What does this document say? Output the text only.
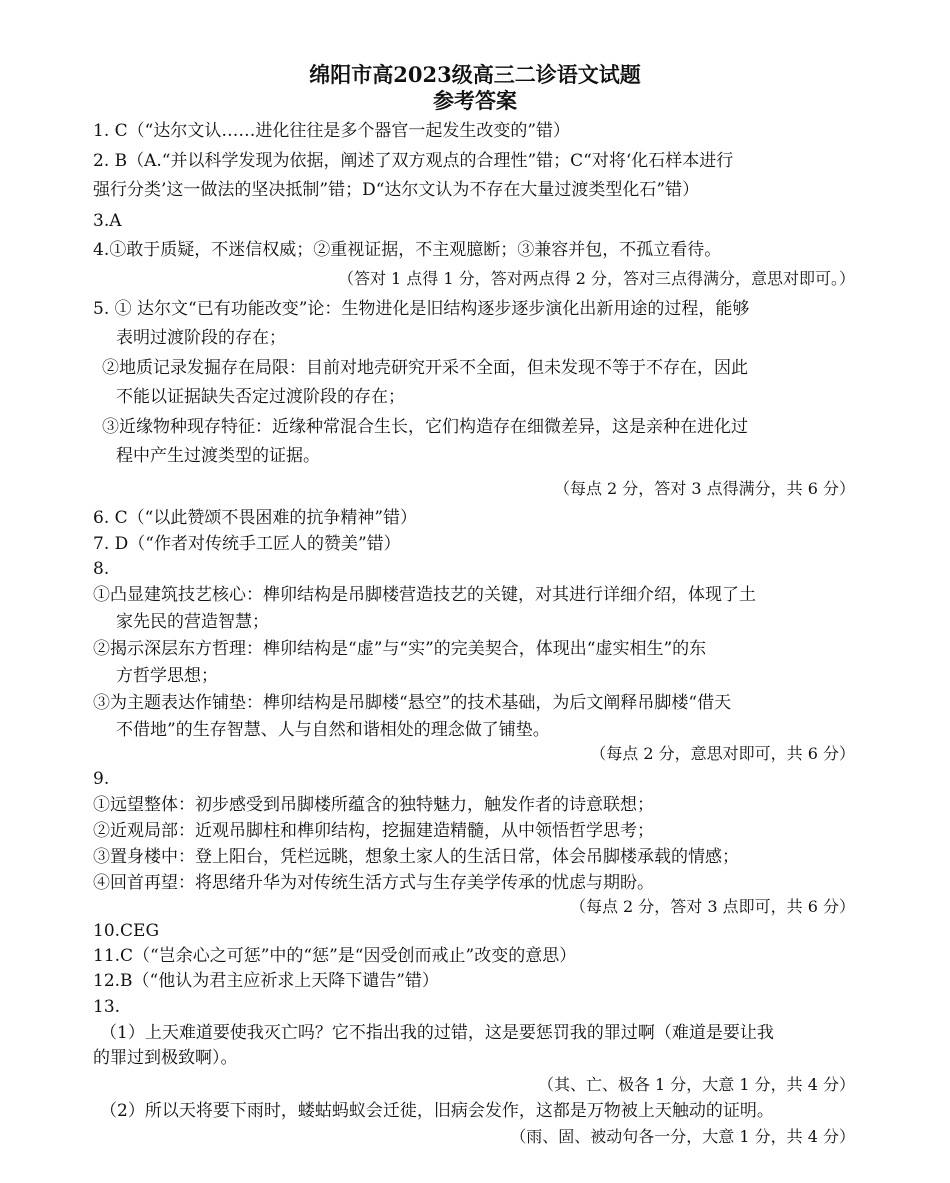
绵阳市高2023级高三二诊语文试题
参考答案
1. C（“达尔文认……进化往往是多个器官一起发生改变的”错）
2. B（A.“并以科学发现为依据，阐述了双方观点的合理性”错；C“对将‘化石样本进行
强行分类’这一做法的坚决抵制”错；D“达尔文认为不存在大量过渡类型化石”错）
3.A
4.①敢于质疑，不迷信权威；②重视证据，不主观臆断；③兼容并包，不孤立看待。
（答对 1 点得 1 分，答对两点得 2 分，答对三点得满分，意思对即可。）
5. ① 达尔文“已有功能改变”论：生物进化是旧结构逐步逐步演化出新用途的过程，能够
表明过渡阶段的存在；
②地质记录发掘存在局限：目前对地壳研究开采不全面，但未发现不等于不存在，因此
不能以证据缺失否定过渡阶段的存在；
③近缘物种现存特征：近缘种常混合生长，它们构造存在细微差异，这是亲种在进化过
程中产生过渡类型的证据。
（每点 2 分，答对 3 点得满分，共 6 分）
6. C（“以此赞颂不畏困难的抗争精神”错）
7. D（“作者对传统手工匠人的赞美”错）
8.
①凸显建筑技艺核心：榫卯结构是吊脚楼营造技艺的关键，对其进行详细介绍，体现了土
家先民的营造智慧；
②揭示深层东方哲理：榫卯结构是“虚”与“实”的完美契合，体现出“虚实相生”的东
方哲学思想；
③为主题表达作铺垫：榫卯结构是吊脚楼“悬空”的技术基础，为后文阐释吊脚楼“借天
不借地”的生存智慧、人与自然和谐相处的理念做了铺垫。
（每点 2 分，意思对即可，共 6 分）
9.
①远望整体：初步感受到吊脚楼所蕴含的独特魅力，触发作者的诗意联想；
②近观局部：近观吊脚柱和榫卯结构，挖掘建造精髓，从中领悟哲学思考；
③置身楼中：登上阳台，凭栏远眺，想象土家人的生活日常，体会吊脚楼承载的情感；
④回首再望：将思绪升华为对传统生活方式与生存美学传承的忧虑与期盼。
（每点 2 分，答对 3 点即可，共 6 分）
10.CEG
11.C（“岂余心之可惩”中的“惩”是“因受创而戒止”改变的意思）
12.B（“他认为君主应祈求上天降下谴告”错）
13.
（1）上天难道要使我灭亡吗？它不指出我的过错，这是要惩罚我的罪过啊（难道是要让我
的罪过到极致啊）。
（其、亡、极各 1 分，大意 1 分，共 4 分）
（2）所以天将要下雨时，蝼蛄蚂蚁会迁徙，旧病会发作，这都是万物被上天触动的证明。
（雨、固、被动句各一分，大意 1 分，共 4 分）
